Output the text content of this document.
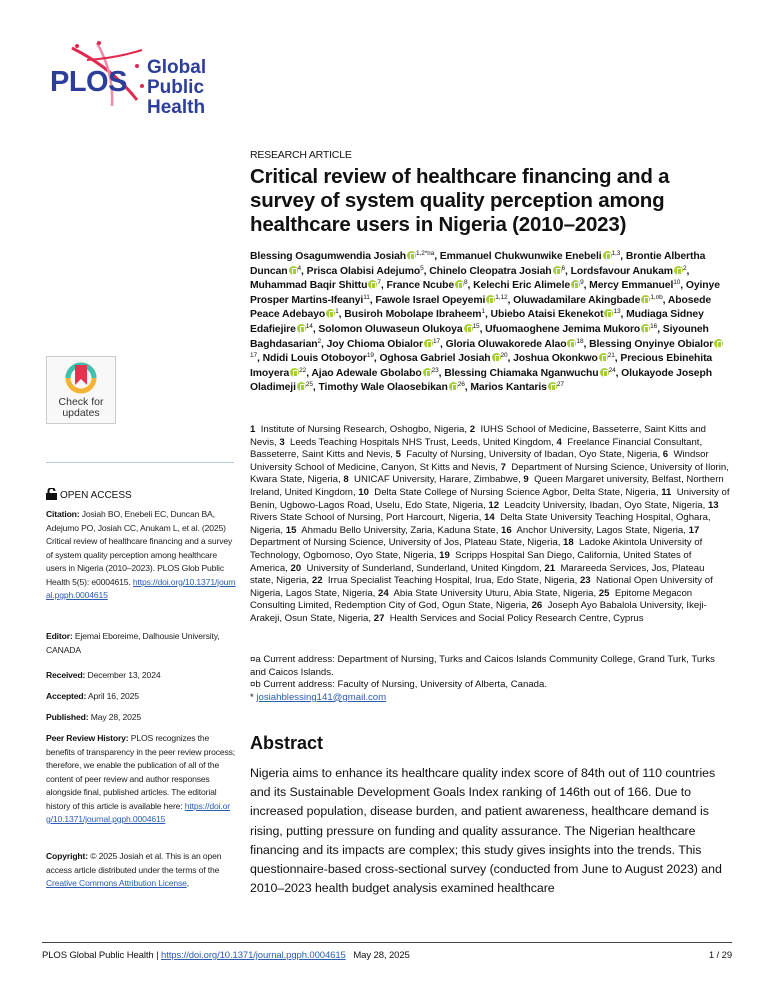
PLOS Global Public
Health
RESEARCH ARTICLE
Critical review of healthcare financing and a survey of system quality perception among healthcare users in Nigeria (2010–2023)
Blessing Osagumwendia Josiah $^{1,2*¤a}$, Emmanuel Chukwunwike Enebeli $^{1,3}$, Brontie Albertha Duncan $^4$, Prisca Olabisi Adejumo$^5$, Chinelo Cleopatra Josiah $^6$, Lordsfavour Anukam $^2$, Muhammad Baqir Shittu $^7$, France Ncube $^8$, Kelechi Eric Alimele $^9$, Mercy Emmanuel$^{10}$, Oyinye Prosper Martins-Ifeanyi$^{11}$, Fawole Israel Opeyemi $^{1,12}$, Oluwadamilare Akingbade $^{1,¤b}$, Abosede Peace Adebayo $^1$, Busiroh Mobolape Ibraheem$^1$, Ubiebo Ataisi Ekenekot $^{13}$, Mudiaga Sidney Edafiejire $^{14}$, Solomon Oluwaseun Olukoya $^{15}$, Ufuomaoghene Jemima Mukoro $^{16}$, Siyouneh Baghdasarian$^2$, Joy Chioma Obialor $^{17}$, Gloria Oluwakorede Alao $^{18}$, Blessing Onyinye Obialor$^{17}$, Ndidi Louis Otoboyor$^{19}$, Oghosa Gabriel Josiah $^{20}$, Joshua Okonkwo $^{21}$, Precious Ebinehita Imoyera $^{22}$, Ajao Adewale Gbolabo $^{23}$, Blessing Chiamaka Nganwuchu $^{24}$, Olukayode Joseph Oladimeji $^{25}$, Timothy Wale Olaosebikan $^{26}$, Marios Kantaris $^{27}$
1 Institute of Nursing Research, Oshogbo, Nigeria, 2 IUHS School of Medicine, Basseterre, Saint Kitts and Nevis, 3 Leeds Teaching Hospitals NHS Trust, Leeds, United Kingdom, 4 Freelance Financial Consultant, Basseterre, Saint Kitts and Nevis, 5 Faculty of Nursing, University of Ibadan, Oyo State, Nigeria, 6 Windsor University School of Medicine, Canyon, St Kitts and Nevis, 7 Department of Nursing Science, University of Ilorin, Kwara State, Nigeria, 8 UNICAF University, Harare, Zimbabwe, 9 Queen Margaret university, Belfast, Northern Ireland, United Kingdom, 10 Delta State College of Nursing Science Agbor, Delta State, Nigeria, 11 University of Benin, Ugbowo-Lagos Road, Uselu, Edo State, Nigeria, 12 Leadcity University, Ibadan, Oyo State, Nigeria, 13  Rivers State School of Nursing, Port Harcourt, Nigeria, 14 Delta State University Teaching Hospital, Oghara, Nigeria, 15 Ahmadu Bello University, Zaria, Kaduna State, 16 Anchor University, Lagos State, Nigeria, 17  Department of Nursing Science, University of Jos, Plateau State, Nigeria, 18 Ladoke Akintola University of Technology, Ogbomoso, Oyo State, Nigeria, 19 Scripps Hospital San Diego, California, United States of America, 20 University of Sunderland, Sunderland, United Kingdom, 21 Marareeda Services, Jos, Plateau state, Nigeria, 22 Irrua Specialist Teaching Hospital, Irua, Edo State, Nigeria, 23 National Open University of Nigeria, Lagos State, Nigeria, 24 Abia State University Uturu, Abia State, Nigeria, 25 Epitome Megacon Consulting Limited, Redemption City of God, Ogun State, Nigeria, 26 Joseph Ayo Babalola University, Ikeji-Arakeji, Osun State, Nigeria, 27 Health Services and Social Policy Research Centre, Cyprus
¤a Current address: Department of Nursing, Turks and Caicos Islands Community College, Grand Turk, Turks and Caicos Islands.
¤b Current address: Faculty of Nursing, University of Alberta, Canada.
* josiahblessing141@gmail.com
Abstract

Nigeria aims to enhance its healthcare quality index score of 84th out of 110 countries and its Sustainable Development Goals Index ranking of 146th out of 166. Due to increased population, disease burden, and patient awareness, healthcare demand is rising, putting pressure on funding and quality assurance. The Nigerian healthcare financing and its impacts are complex; this study gives insights into the trends. This questionnaire-based cross-sectional survey (conducted from June to August 2023) and 2010–2023 health budget analysis examined healthcare

Check for
updates
OPEN ACCESS
Citation: Josiah BO, Enebeli EC, Duncan BA, Adejumo PO, Josiah CC, Anukam L, et al. (2025) Critical review of healthcare financing and a survey of system quality perception among healthcare users in Nigeria (2010–2023). PLOS Glob Public Health 5(5): e0004615. https://doi.org/10.1371/journal.pgph.0004615
Editor: Ejemai Eboreime, Dalhousie University, CANADA
Received: December 13, 2024
Accepted: April 16, 2025
Published: May 28, 2025
Peer Review History: PLOS recognizes the benefits of transparency in the peer review process; therefore, we enable the publication of all of the content of peer review and author responses alongside final, published articles. The editorial history of this article is available here: https://doi.org/10.1371/journal.pgph.0004615
Copyright: © 2025 Josiah et al. This is an open access article distributed under the terms of the Creative Commons Attribution License,
PLOS Global Public Health | https://doi.org/10.1371/journal.pgph.0004615 May 28, 2025	1 / 29
